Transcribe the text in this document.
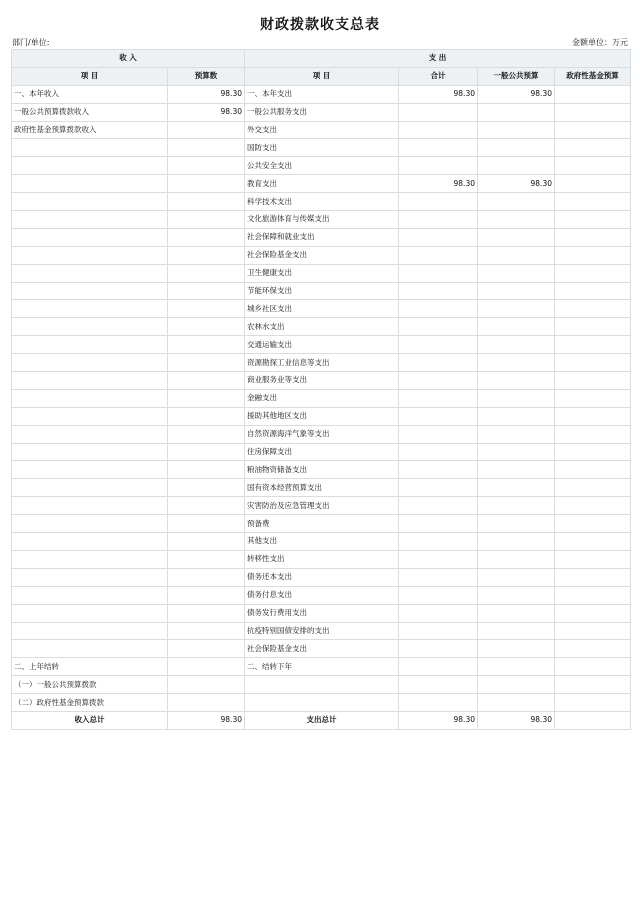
财政拨款收支总表
部门/单位:	金额单位：万元
收 入		支 出			
项 目	预算数	项 目	合计	一般公共预算	政府性基金预算
一、本年收入	98.30	一、本年支出	98.30	98.30	
一般公共预算拨款收入	98.30	一般公共服务支出			
政府性基金预算拨款收入		外交支出			
		国防支出			
		公共安全支出			
		教育支出	98.30	98.30	
		科学技术支出			
		文化旅游体育与传媒支出			
		社会保障和就业支出			
		社会保险基金支出			
		卫生健康支出			
		节能环保支出			
		城乡社区支出			
		农林水支出			
		交通运输支出			
		资源勘探工业信息等支出			
		商业服务业等支出			
		金融支出			
		援助其他地区支出			
		自然资源海洋气象等支出			
		住房保障支出			
		粮油物资储备支出			
		国有资本经营预算支出			
		灾害防治及应急管理支出			
		预备费			
		其他支出			
		转移性支出			
		债务还本支出			
		债务付息支出			
		债务发行费用支出			
		抗疫特别国债安排的支出			
		社会保险基金支出			
二、上年结转		二、结转下年			
（一）一般公共预算拨款					
（二）政府性基金预算拨款					
收入总计	98.30	支出总计	98.30	98.30	
